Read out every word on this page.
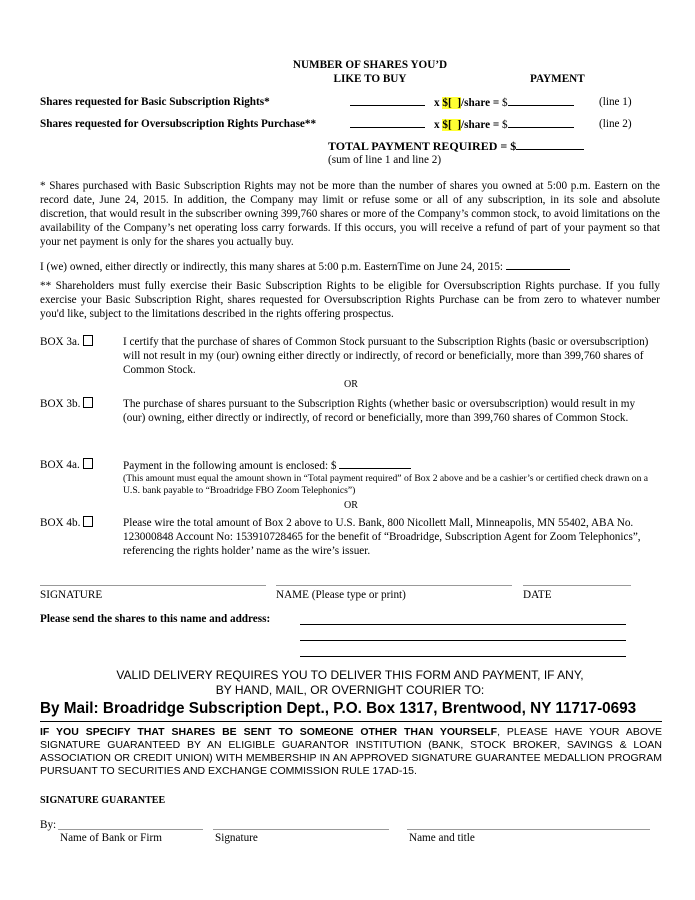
NUMBER OF SHARES YOU’D
LIKE TO BUY	PAYMENT
Shares requested for Basic Subscription Rights*	x $[ ]/share = $	(line 1)
Shares requested for Oversubscription Rights Purchase**	x $[ ]/share = $	(line 2)
TOTAL PAYMENT REQUIRED = $
(sum of line 1 and line 2)
* Shares purchased with Basic Subscription Rights may not be more than the number of shares you owned at 5:00 p.m. Eastern on the record date, June 24, 2015. In addition, the Company may limit or refuse some or all of any subscription, in its sole and absolute discretion, that would result in the subscriber owning 399,760 shares or more of the Company’s common stock, to avoid limitations on the availability of the Company’s net operating loss carry forwards. If this occurs, you will receive a refund of part of your payment so that your net payment is only for the shares you actually buy.
I (we) owned, either directly or indirectly, this many shares at 5:00 p.m. EasternTime on June 24, 2015:
** Shareholders must fully exercise their Basic Subscription Rights to be eligible for Oversubscription Rights purchase. If you fully exercise your Basic Subscription Right, shares requested for Oversubscription Rights Purchase can be from zero to whatever number you'd like, subject to the limitations described in the rights offering prospectus.
BOX 3a.	I certify that the purchase of shares of Common Stock pursuant to the Subscription Rights (basic or oversubscription) will not result in my (our) owning either directly or indirectly, of record or beneficially, more than 399,760 shares of Common Stock.
OR
BOX 3b.	The purchase of shares pursuant to the Subscription Rights (whether basic or oversubscription) would result in my (our) owning, either directly or indirectly, of record or beneficially, more than 399,760 shares of Common Stock.
BOX 4a.	Payment in the following amount is enclosed: $
(This amount must equal the amount shown in “Total payment required” of Box 2 above and be a cashier’s or certified check drawn on a U.S. bank payable to “Broadridge FBO Zoom Telephonics”)
OR
BOX 4b.	Please wire the total amount of Box 2 above to U.S. Bank, 800 Nicollett Mall, Minneapolis, MN 55402, ABA No. 123000848 Account No: 153910728465 for the benefit of “Broadridge, Subscription Agent for Zoom Telephonics”, referencing the rights holder’ name as the wire’s issuer.
SIGNATURE	NAME (Please type or print)	DATE
Please send the shares to this name and address:
VALID DELIVERY REQUIRES YOU TO DELIVER THIS FORM AND PAYMENT, IF ANY,
BY HAND, MAIL, OR OVERNIGHT COURIER TO:
By Mail: Broadridge Subscription Dept., P.O. Box 1317, Brentwood, NY 11717-0693
IF YOU SPECIFY THAT SHARES BE SENT TO SOMEONE OTHER THAN YOURSELF, PLEASE HAVE YOUR ABOVE SIGNATURE GUARANTEED BY AN ELIGIBLE GUARANTOR INSTITUTION (BANK, STOCK BROKER, SAVINGS & LOAN ASSOCIATION OR CREDIT UNION) WITH MEMBERSHIP IN AN APPROVED SIGNATURE GUARANTEE MEDALLION PROGRAM PURSUANT TO SECURITIES AND EXCHANGE COMMISSION RULE 17AD-15.
SIGNATURE GUARANTEE
By:
Name of Bank or Firm	Signature	Name and title
